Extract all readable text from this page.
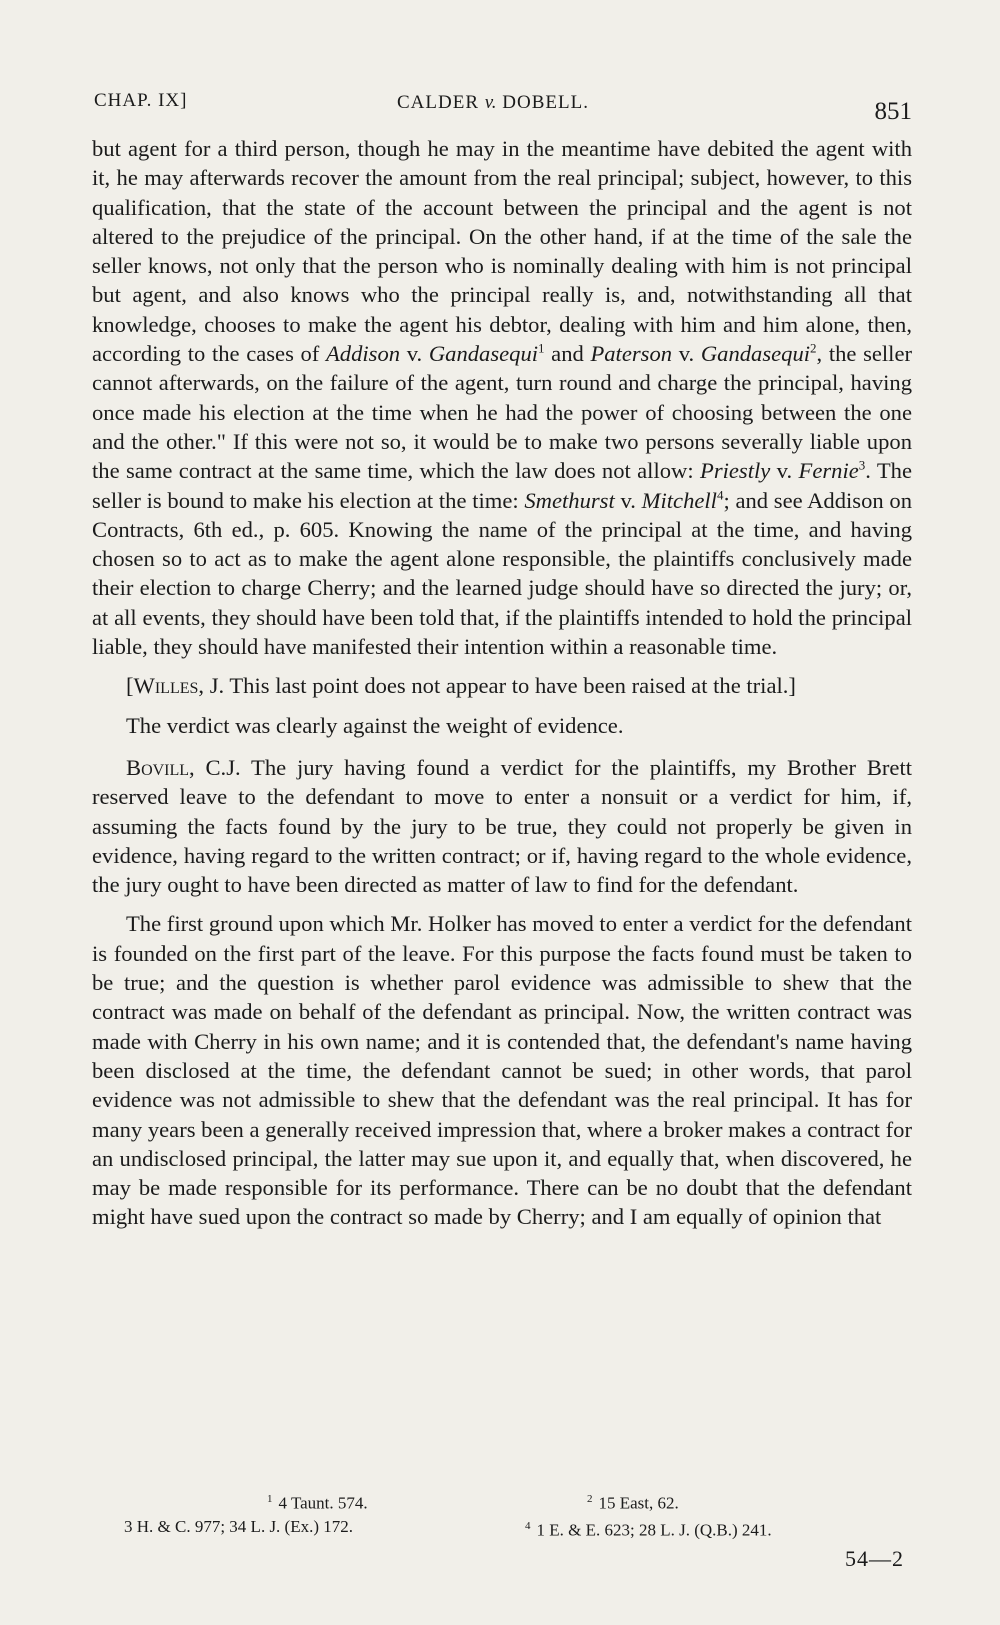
CHAP. IX]	CALDER v. DOBELL.	851

but agent for a third person, though he may in the meantime have debited the agent with it, he may afterwards recover the amount from the real principal; subject, however, to this qualification, that the state of the account between the principal and the agent is not altered to the prejudice of the principal. On the other hand, if at the time of the sale the seller knows, not only that the person who is nominally dealing with him is not principal but agent, and also knows who the principal really is, and, notwithstanding all that knowledge, chooses to make the agent his debtor, dealing with him and him alone, then, according to the cases of Addison v. Gandasequi$^1$ and Paterson v. Gandasequi$^2$, the seller cannot afterwards, on the failure of the agent, turn round and charge the principal, having once made his election at the time when he had the power of choosing between the one and the other." If this were not so, it would be to make two persons severally liable upon the same contract at the same time, which the law does not allow: Priestly v. Fernie$^3$. The seller is bound to make his election at the time: Smethurst v. Mitchell$^4$; and see Addison on Contracts, 6th ed., p. 605. Knowing the name of the principal at the time, and having chosen so to act as to make the agent alone responsible, the plaintiffs conclusively made their election to charge Cherry; and the learned judge should have so directed the jury; or, at all events, they should have been told that, if the plaintiffs intended to hold the principal liable, they should have manifested their intention within a reasonable time.

[Willes, J. This last point does not appear to have been raised at the trial.]

The verdict was clearly against the weight of evidence.

Bovill, C.J. The jury having found a verdict for the plaintiffs, my Brother Brett reserved leave to the defendant to move to enter a nonsuit or a verdict for him, if, assuming the facts found by the jury to be true, they could not properly be given in evidence, having regard to the written contract; or if, having regard to the whole evidence, the jury ought to have been directed as matter of law to find for the defendant.

The first ground upon which Mr. Holker has moved to enter a verdict for the defendant is founded on the first part of the leave. For this purpose the facts found must be taken to be true; and the question is whether parol evidence was admissible to shew that the contract was made on behalf of the defendant as principal. Now, the written contract was made with Cherry in his own name; and it is contended that, the defendant's name having been disclosed at the time, the defendant cannot be sued; in other words, that parol evidence was not admissible to shew that the defendant was the real principal. It has for many years been a generally received impression that, where a broker makes a contract for an undisclosed principal, the latter may sue upon it, and equally that, when discovered, he may be made responsible for its performance. There can be no doubt that the defendant might have sued upon the contract so made by Cherry; and I am equally of opinion that

$^1$ 4 Taunt. 574.	$^2$ 15 East, 62.
3 H. & C. 977; 34 L. J. (Ex.) 172.	$^4$ 1 E. & E. 623; 28 L. J. (Q.B.) 241.
54—2
